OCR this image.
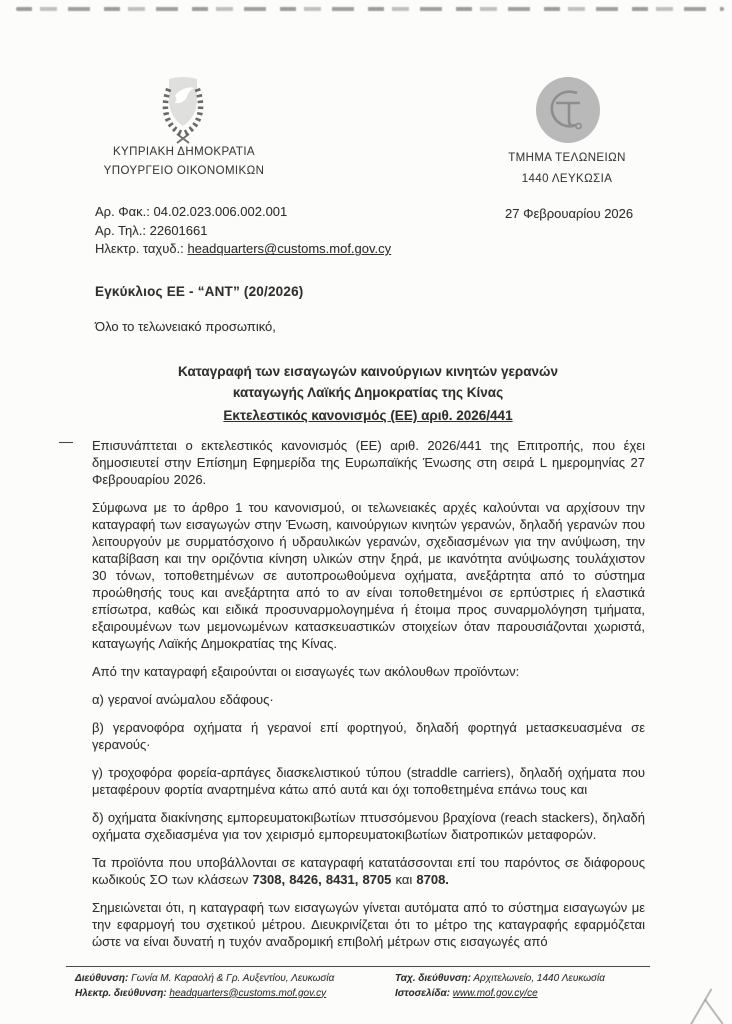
ΚΥΠΡΙΑΚΗ ΔΗΜΟΚΡΑΤΙΑ
ΥΠΟΥΡΓΕΙΟ ΟΙΚΟΝΟΜΙΚΩΝ
ΤΜΗΜΑ ΤΕΛΩΝΕΙΩΝ
1440 ΛΕΥΚΩΣΙΑ
Αρ. Φακ.: 04.02.023.006.002.001
Αρ. Τηλ.: 22601661
Ηλεκτρ. ταχυδ.: headquarters@customs.mof.gov.cy
27 Φεβρουαρίου 2026
Εγκύκλιος ΕΕ - “ΑΝΤ” (20/2026)
Όλο το τελωνειακό προσωπικό,
Καταγραφή των εισαγωγών καινούργιων κινητών γερανών
καταγωγής Λαϊκής Δημοκρατίας της Κίνας
Εκτελεστικός κανονισμός (ΕΕ) αριθ. 2026/441
— Επισυνάπτεται ο εκτελεστικός κανονισμός (ΕΕ) αριθ. 2026/441 της Επιτροπής, που έχει δημοσιευτεί στην Επίσημη Εφημερίδα της Ευρωπαϊκής Ένωσης στη σειρά L ημερομηνίας 27 Φεβρουαρίου 2026.

Σύμφωνα με το άρθρο 1 του κανονισμού, οι τελωνειακές αρχές καλούνται να αρχίσουν την καταγραφή των εισαγωγών στην Ένωση, καινούργιων κινητών γερανών, δηλαδή γερανών που λειτουργούν με συρματόσχοινο ή υδραυλικών γερανών, σχεδιασμένων για την ανύψωση, την καταβίβαση και την οριζόντια κίνηση υλικών στην ξηρά, με ικανότητα ανύψωσης τουλάχιστον 30 τόνων, τοποθετημένων σε αυτοπροωθούμενα οχήματα, ανεξάρτητα από το σύστημα προώθησής τους και ανεξάρτητα από το αν είναι τοποθετημένοι σε ερπύστριες ή ελαστικά επίσωτρα, καθώς και ειδικά προσυναρμολογημένα ή έτοιμα προς συναρμολόγηση τμήματα, εξαιρουμένων των μεμονωμένων κατασκευαστικών στοιχείων όταν παρουσιάζονται χωριστά, καταγωγής Λαϊκής Δημοκρατίας της Κίνας.

Από την καταγραφή εξαιρούνται οι εισαγωγές των ακόλουθων προϊόντων:

α) γερανοί ανώμαλου εδάφους·

β) γερανοφόρα οχήματα ή γερανοί επί φορτηγού, δηλαδή φορτηγά μετασκευασμένα σε γερανούς·

γ) τροχοφόρα φορεία-αρπάγες διασκελιστικού τύπου (straddle carriers), δηλαδή οχήματα που μεταφέρουν φορτία αναρτημένα κάτω από αυτά και όχι τοποθετημένα επάνω τους και

δ) οχήματα διακίνησης εμπορευματοκιβωτίων πτυσσόμενου βραχίονα (reach stackers), δηλαδή οχήματα σχεδιασμένα για τον χειρισμό εμπορευματοκιβωτίων διατροπικών μεταφορών.

Τα προϊόντα που υποβάλλονται σε καταγραφή κατατάσσονται επί του παρόντος σε διάφορους κωδικούς ΣΟ των κλάσεων 7308, 8426, 8431, 8705 και 8708.

Σημειώνεται ότι, η καταγραφή των εισαγωγών γίνεται αυτόματα από το σύστημα εισαγωγών με την εφαρμογή του σχετικού μέτρου. Διευκρινίζεται ότι το μέτρο της καταγραφής εφαρμόζεται ώστε να είναι δυνατή η τυχόν αναδρομική επιβολή μέτρων στις εισαγωγές από

Διεύθυνση: Γωνία Μ. Καραολή & Γρ. Αυξεντίου, Λευκωσία
Ηλεκτρ. διεύθυνση: headquarters@customs.mof.gov.cy
Ταχ. διεύθυνση: Αρχιτελωνείο, 1440 Λευκωσία
Ιστοσελίδα: www.mof.gov.cy/ce
